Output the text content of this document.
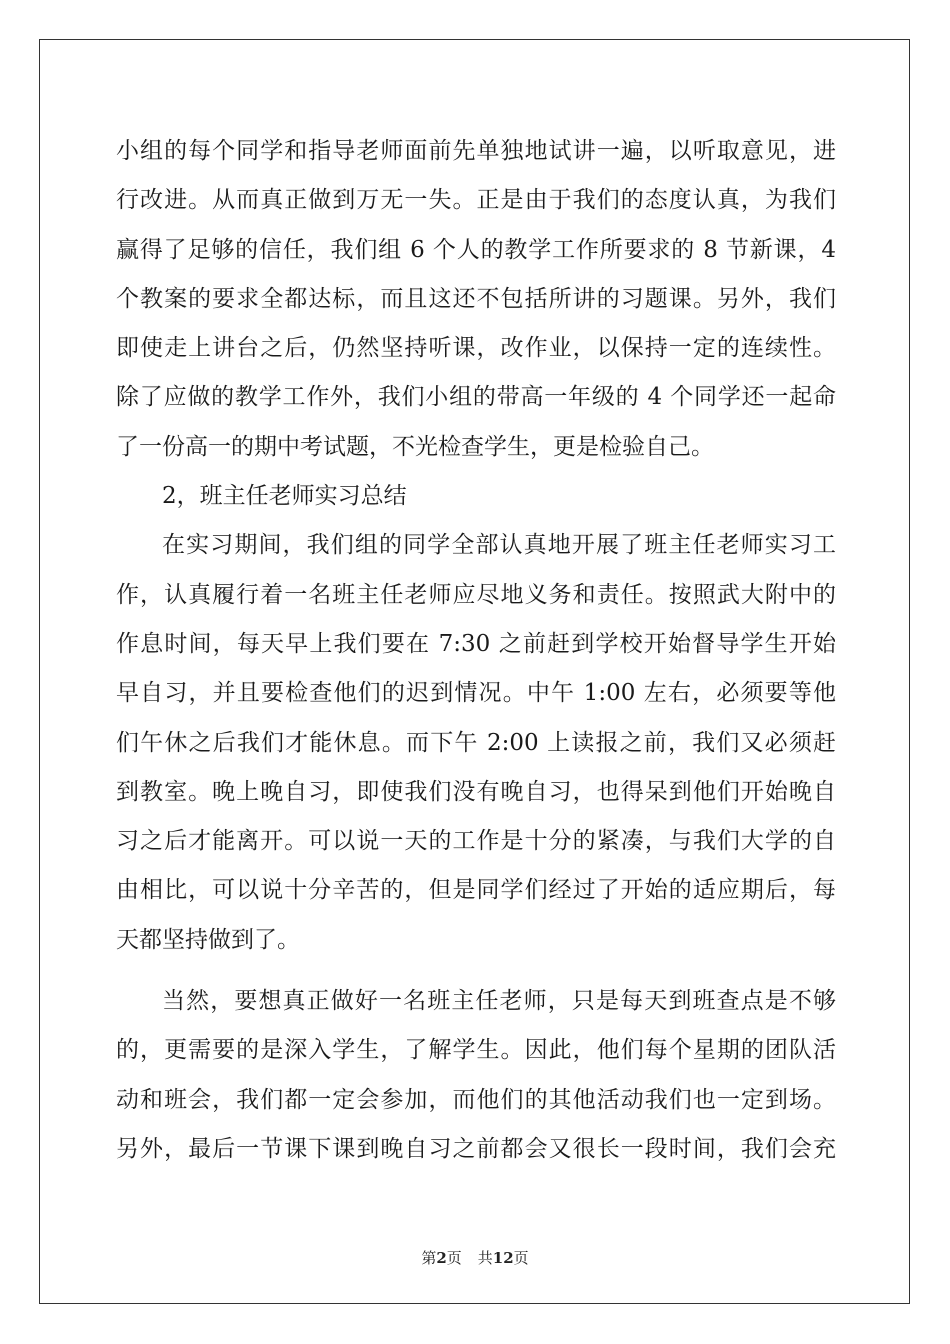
小组的每个同学和指导老师面前先单独地试讲一遍，以听取意见，进
行改进。从而真正做到万无一失。正是由于我们的态度认真，为我们
赢得了足够的信任，我们组 6 个人的教学工作所要求的 8 节新课，4
个教案的要求全都达标，而且这还不包括所讲的习题课。另外，我们
即使走上讲台之后，仍然坚持听课，改作业，以保持一定的连续性。
除了应做的教学工作外，我们小组的带高一年级的 4 个同学还一起命
了一份高一的期中考试题，不光检查学生，更是检验自己。
2，班主任老师实习总结
在实习期间，我们组的同学全部认真地开展了班主任老师实习工
作，认真履行着一名班主任老师应尽地义务和责任。按照武大附中的
作息时间，每天早上我们要在 7:30 之前赶到学校开始督导学生开始
早自习，并且要检查他们的迟到情况。中午 1:00 左右，必须要等他
们午休之后我们才能休息。而下午 2:00 上读报之前，我们又必须赶
到教室。晚上晚自习，即使我们没有晚自习，也得呆到他们开始晚自
习之后才能离开。可以说一天的工作是十分的紧凑，与我们大学的自
由相比，可以说十分辛苦的，但是同学们经过了开始的适应期后，每
天都坚持做到了。
当然，要想真正做好一名班主任老师，只是每天到班查点是不够
的，更需要的是深入学生，了解学生。因此，他们每个星期的团队活
动和班会，我们都一定会参加，而他们的其他活动我们也一定到场。
另外，最后一节课下课到晚自习之前都会又很长一段时间，我们会充
第2页 共12页
